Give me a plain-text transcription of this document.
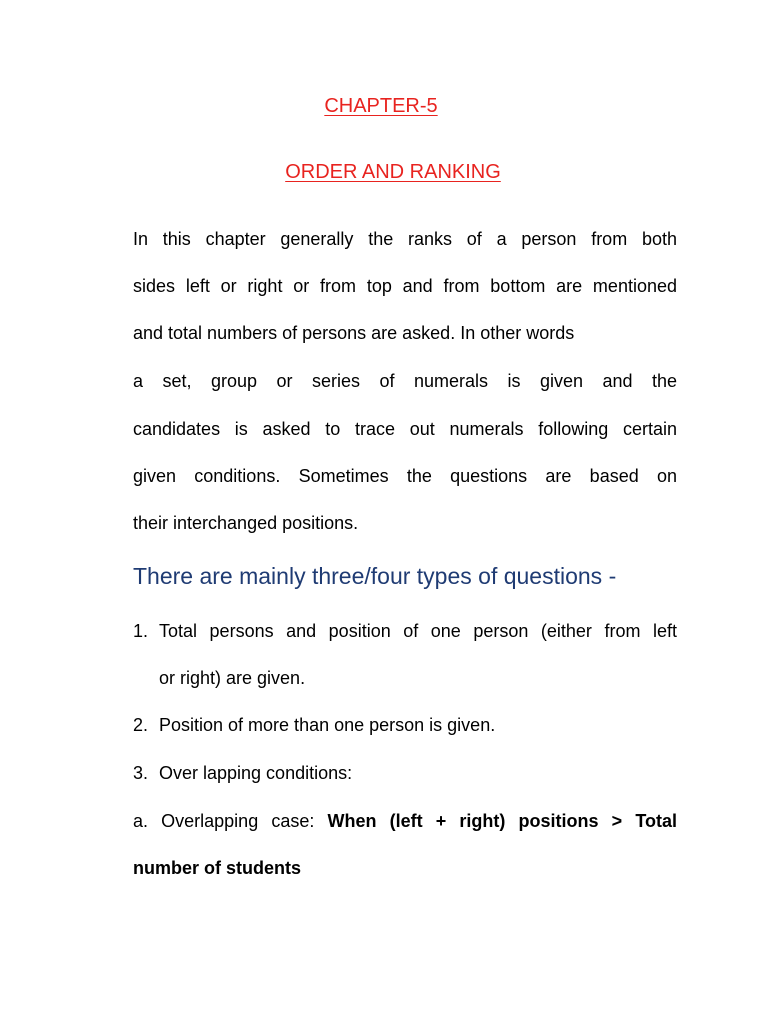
CHAPTER-5
ORDER AND RANKING
In this chapter generally the ranks of a person from both
sides left or right or from top and from bottom are mentioned
and total numbers of persons are asked. In other words
a set, group or series of numerals is given and the
candidates is asked to trace out numerals following certain
given conditions. Sometimes the questions are based on
their interchanged positions.
There are mainly three/four types of questions -
1. Total persons and position of one person (either from left
or right) are given.
2. Position of more than one person is given.
3. Over lapping conditions:
a. Overlapping case: When (left + right) positions > Total
number of students
